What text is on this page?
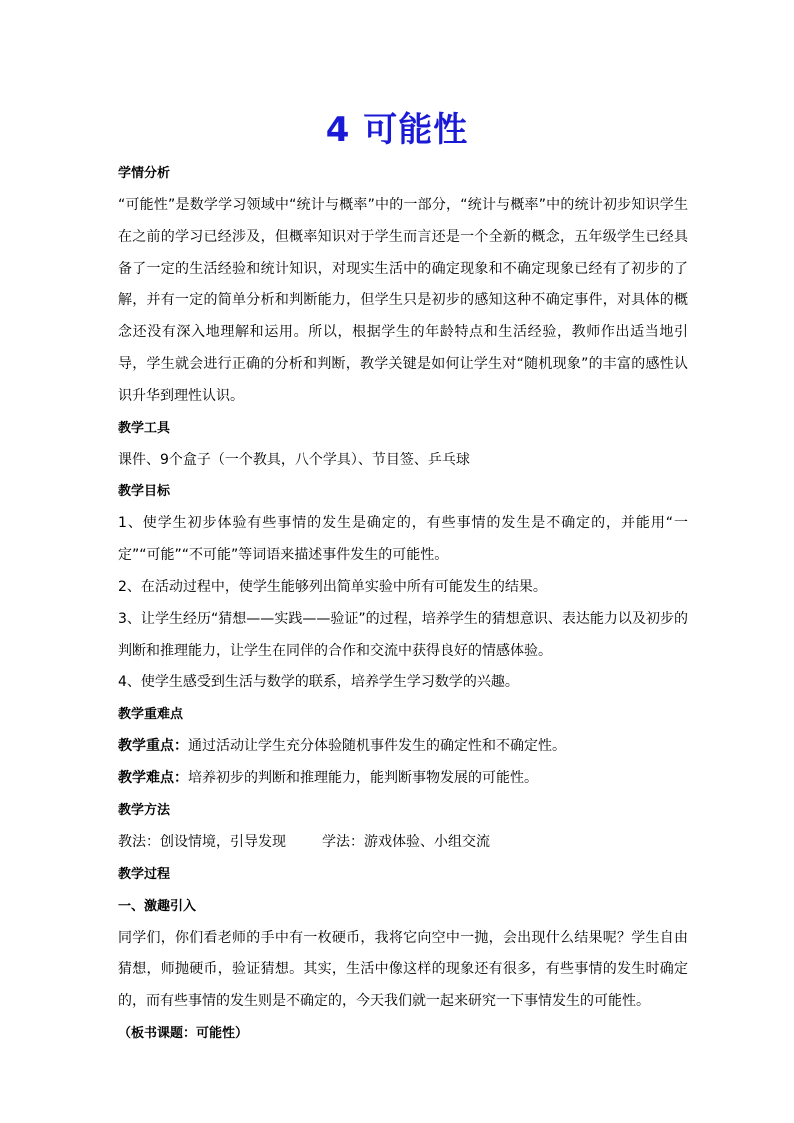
4 可能性
学情分析
“可能性”是数学学习领域中“统计与概率”中的一部分，“统计与概率”中的统计初步知识学生在之前的学习已经涉及，但概率知识对于学生而言还是一个全新的概念，五年级学生已经具备了一定的生活经验和统计知识，对现实生活中的确定现象和不确定现象已经有了初步的了解，并有一定的简单分析和判断能力，但学生只是初步的感知这种不确定事件，对具体的概念还没有深入地理解和运用。所以，根据学生的年龄特点和生活经验，教师作出适当地引导，学生就会进行正确的分析和判断，教学关键是如何让学生对“随机现象”的丰富的感性认识升华到理性认识。
教学工具
课件、9个盒子（一个教具，八个学具）、节目签、乒乓球
教学目标
1、使学生初步体验有些事情的发生是确定的，有些事情的发生是不确定的，并能用“一定”“可能”“不可能”等词语来描述事件发生的可能性。
2、在活动过程中，使学生能够列出简单实验中所有可能发生的结果。
3、让学生经历“猜想——实践——验证”的过程，培养学生的猜想意识、表达能力以及初步的判断和推理能力，让学生在同伴的合作和交流中获得良好的情感体验。
4、使学生感受到生活与数学的联系，培养学生学习数学的兴趣。
教学重难点
教学重点：通过活动让学生充分体验随机事件发生的确定性和不确定性。
教学难点：培养初步的判断和推理能力，能判断事物发展的可能性。
教学方法
教法：创设情境，引导发现	学法：游戏体验、小组交流
教学过程
一、激趣引入
同学们，你们看老师的手中有一枚硬币，我将它向空中一抛，会出现什么结果呢？学生自由猜想，师抛硬币，验证猜想。其实，生活中像这样的现象还有很多，有些事情的发生时确定的，而有些事情的发生则是不确定的，今天我们就一起来研究一下事情发生的可能性。
（板书课题：可能性）
